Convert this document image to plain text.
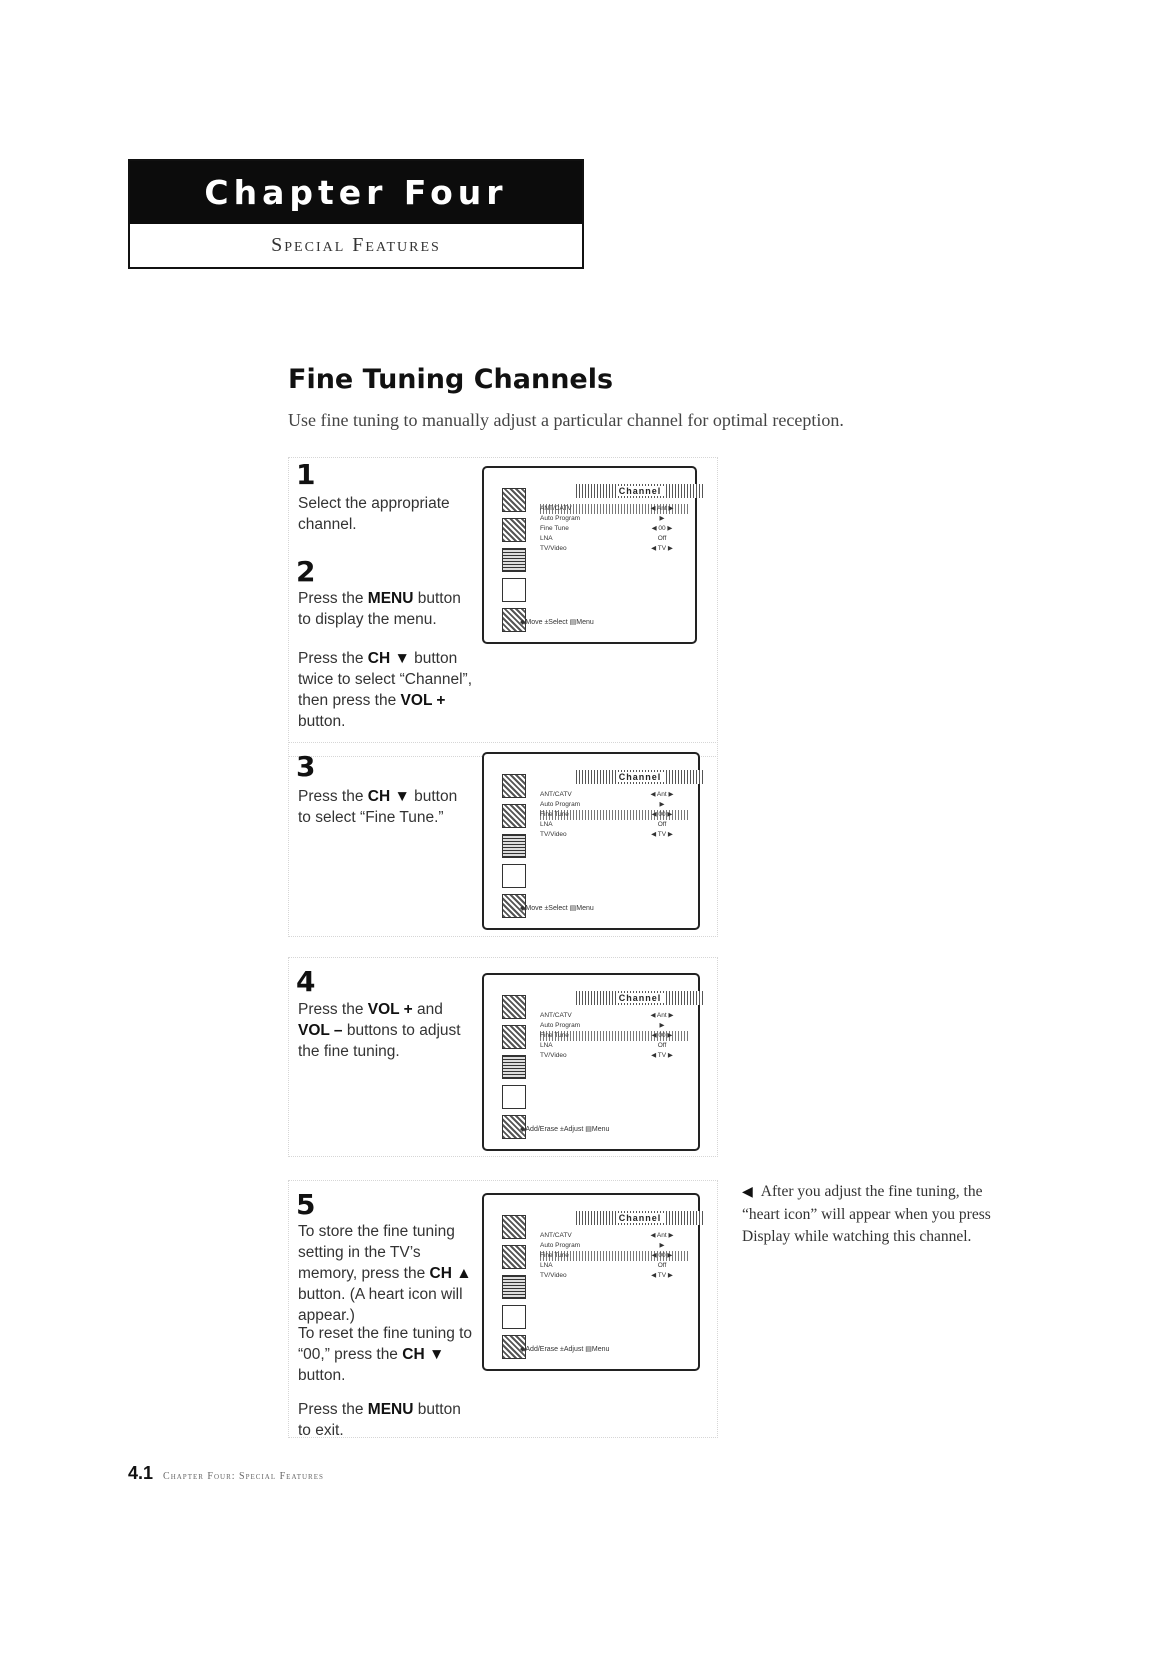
Chapter Four
Special Features
Fine Tuning Channels
Use fine tuning to manually adjust a particular channel for optimal reception.
1
Select the appropriate channel.
2
Press the MENU button to display the menu.
Press the CH ▼ button twice to select “Channel”, then press the VOL + button.
3
Press the CH ▼ button to select “Fine Tune.”
4
Press the VOL + and VOL – buttons to adjust the fine tuning.
5
To store the fine tuning setting in the TV’s memory, press the CH ▲ button. (A heart icon will appear.)
To reset the fine tuning to “00,” press the CH ▼ button.
Press the MENU button to exit.
Channel
ANT/CATV	◀ Ant ▶
Auto Program	▶
Fine Tune	◀ 00 ▶
LNA	Off
TV/Video	◀ TV ▶
◆Move ±Select ▤Menu
Channel
ANT/CATV	◀ Ant ▶
Auto Program	▶
Fine Tune	◀ 00 ▶
LNA	Off
TV/Video	◀ TV ▶
◆Move ±Select ▤Menu
Channel
ANT/CATV	◀ Ant ▶
Auto Program	▶
Fine Tune	◀ 00 ▶
LNA	Off
TV/Video	◀ TV ▶
◆Add/Erase ±Adjust ▤Menu
Channel
ANT/CATV	◀ Ant ▶
Auto Program	▶
Fine Tune	◀ 00 ▶
LNA	Off
TV/Video	◀ TV ▶
◆Add/Erase ±Adjust ▤Menu
◀ After you adjust the fine tuning, the “heart icon” will appear when you press Display while watching this channel.
4.1 Chapter Four: Special Features
